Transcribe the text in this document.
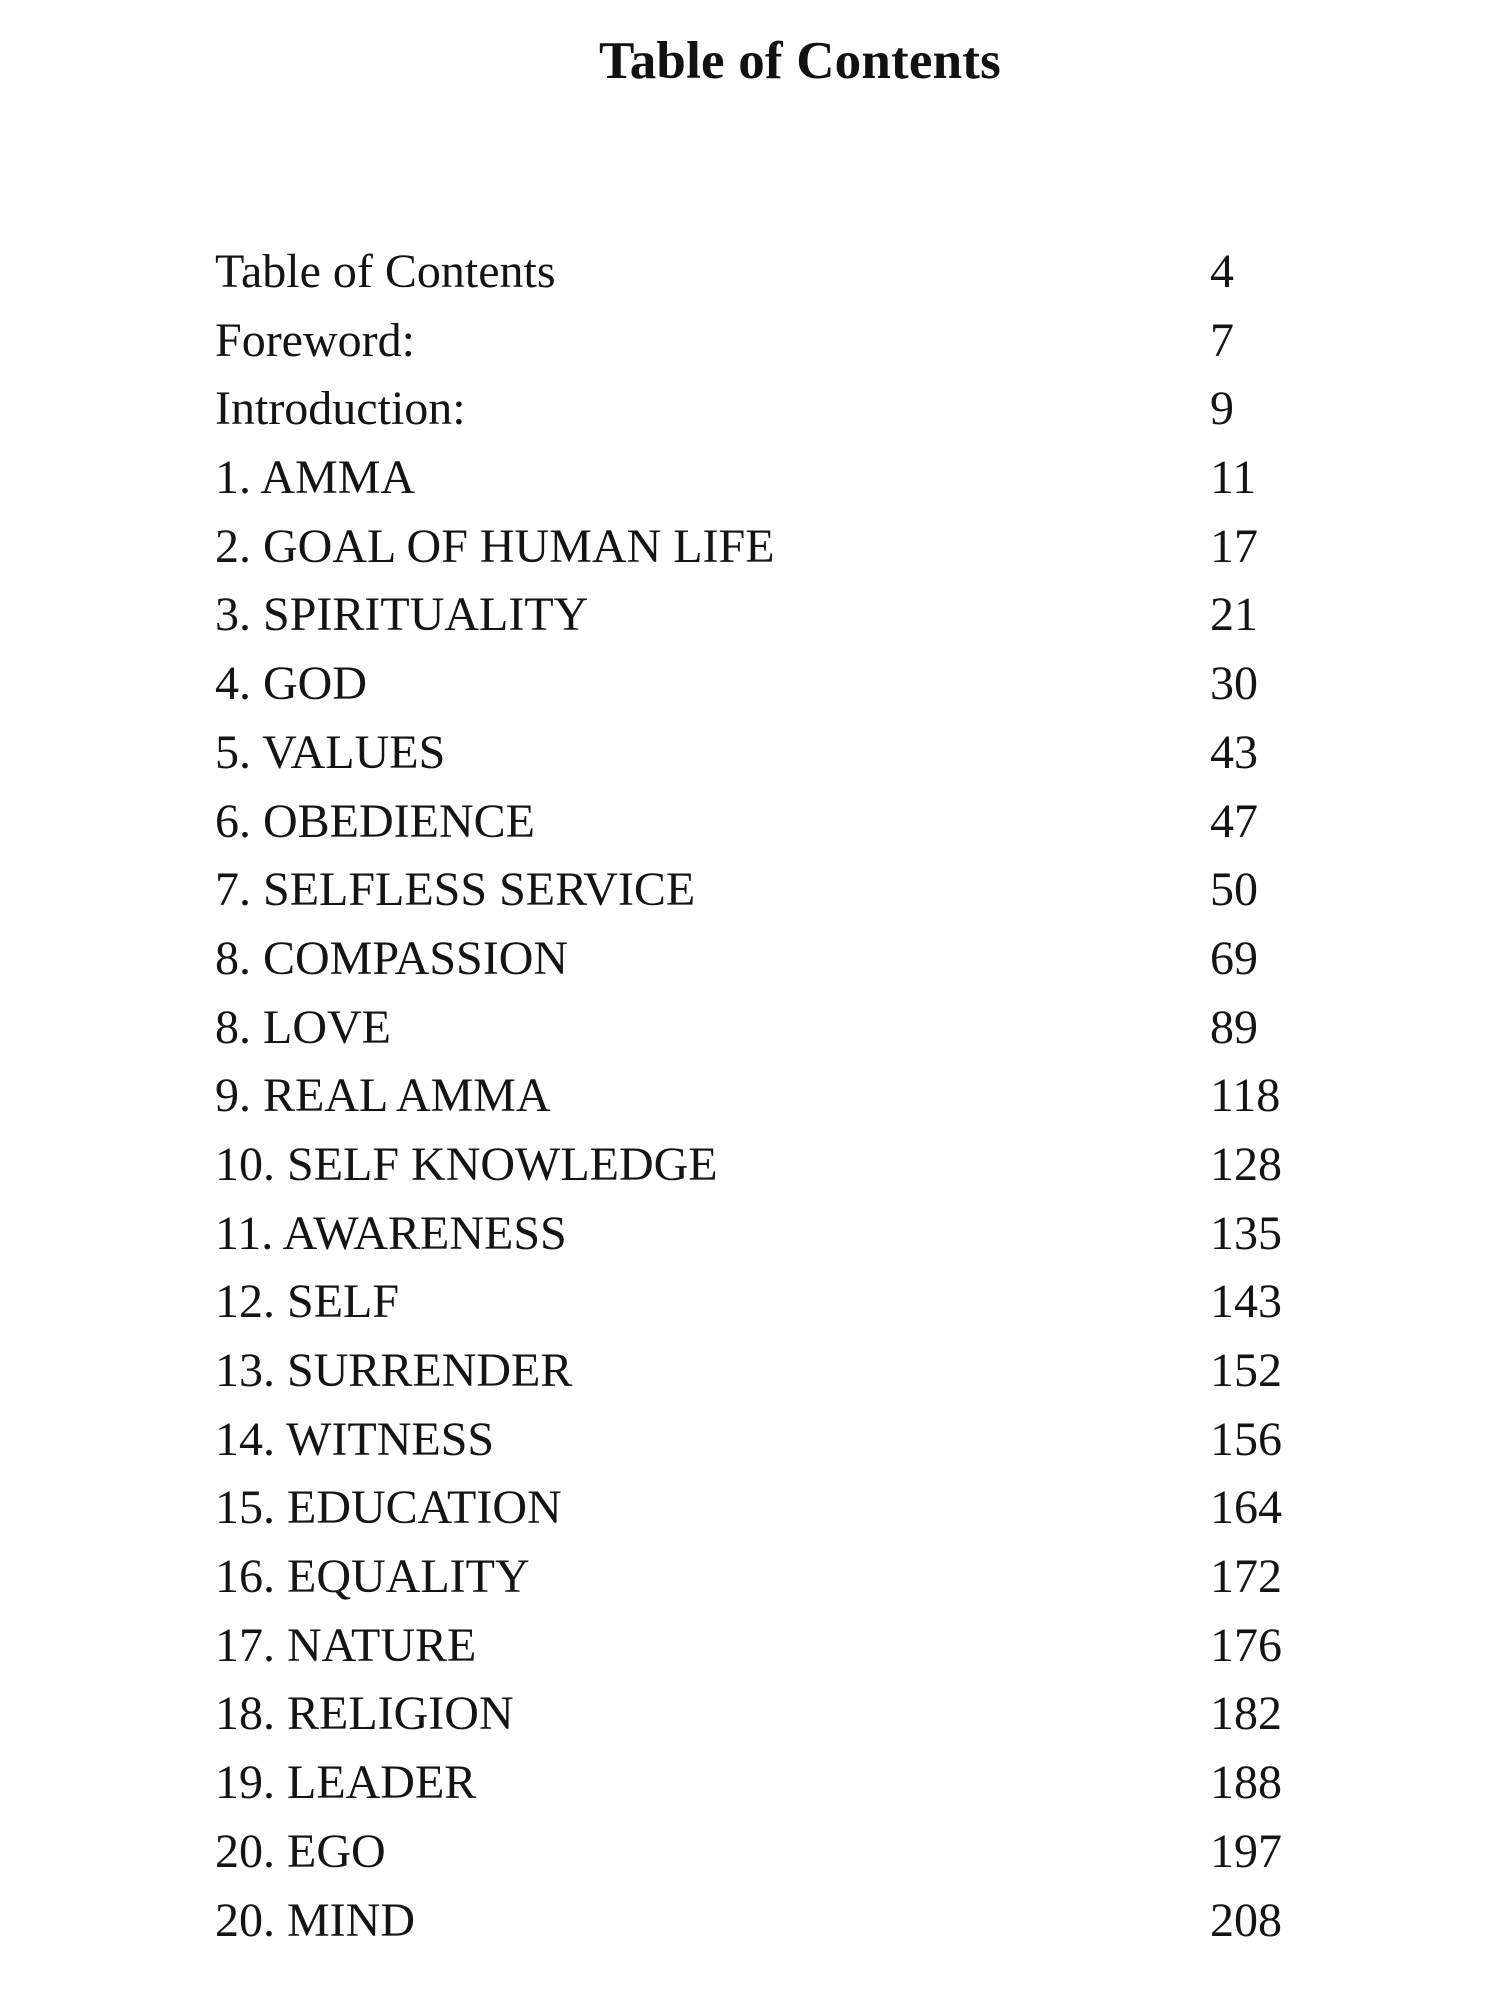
Table of Contents
Table of Contents	4
Foreword:	7
Introduction:	9
1. AMMA	11
2. GOAL OF HUMAN LIFE	17
3. SPIRITUALITY	21
4. GOD	30
5. VALUES	43
6. OBEDIENCE	47
7. SELFLESS SERVICE	50
8. COMPASSION	69
8. LOVE	89
9. REAL AMMA	118
10. SELF KNOWLEDGE	128
11. AWARENESS	135
12. SELF	143
13. SURRENDER	152
14. WITNESS	156
15. EDUCATION	164
16. EQUALITY	172
17. NATURE	176
18. RELIGION	182
19. LEADER	188
20. EGO	197
20. MIND	208
